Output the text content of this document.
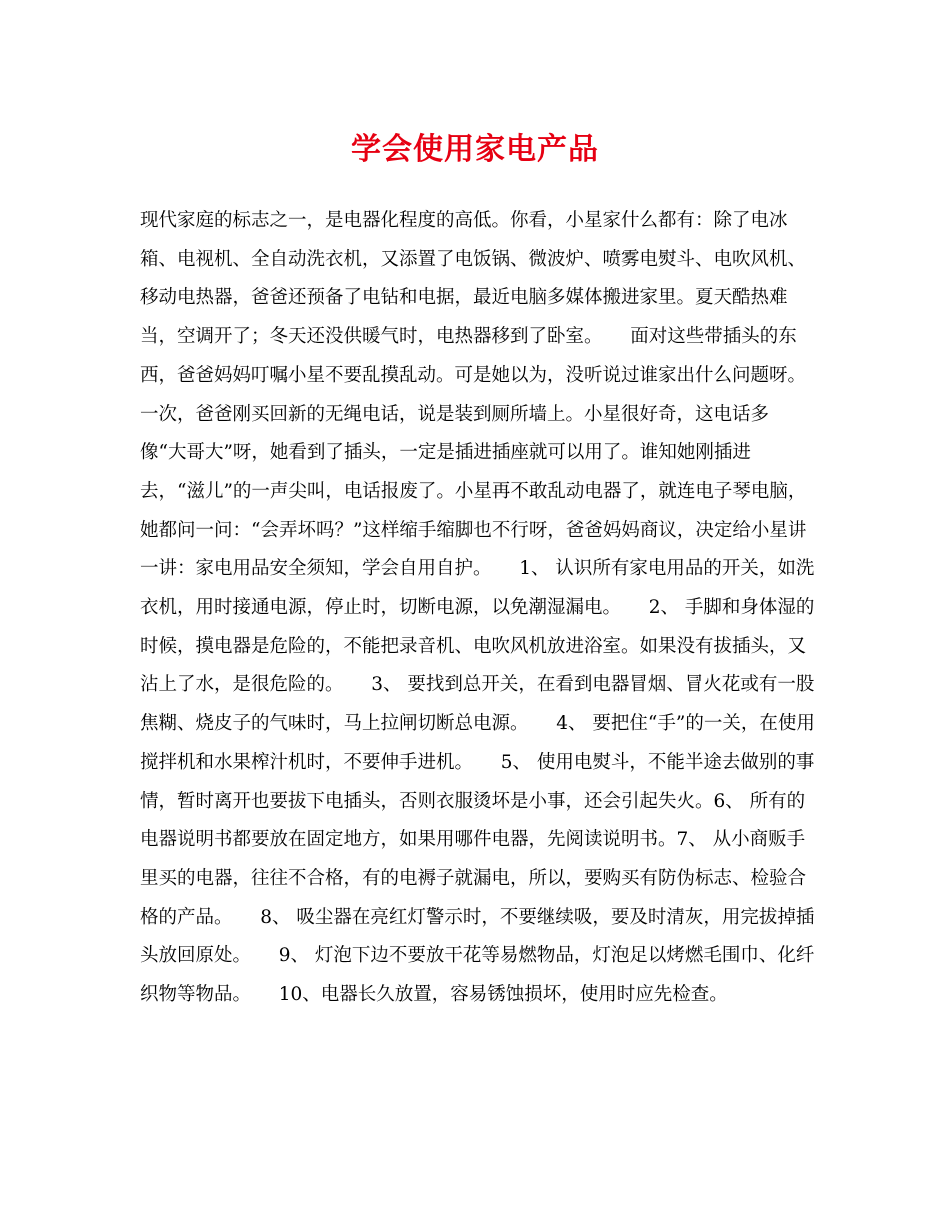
学会使用家电产品

现代家庭的标志之一，是电器化程度的高低。你看，小星家什么都有：除了电冰箱、电视机、全自动洗衣机，又添置了电饭锅、微波炉、喷雾电熨斗、电吹风机、移动电热器，爸爸还预备了电钻和电据，最近电脑多媒体搬进家里。夏天酷热难当，空调开了；冬天还没供暖气时，电热器移到了卧室。　　面对这些带插头的东西，爸爸妈妈叮嘱小星不要乱摸乱动。可是她以为，没听说过谁家出什么问题呀。一次，爸爸刚买回新的无绳电话，说是装到厕所墙上。小星很好奇，这电话多像“大哥大”呀，她看到了插头，一定是插进插座就可以用了。谁知她刚插进去，“滋儿”的一声尖叫，电话报废了。小星再不敢乱动电器了，就连电子琴电脑，她都问一问：“会弄坏吗？”这样缩手缩脚也不行呀，爸爸妈妈商议，决定给小星讲一讲：家电用品安全须知，学会自用自护。　　1、 认识所有家电用品的开关，如洗衣机，用时接通电源，停止时，切断电源，以免潮湿漏电。　　2、 手脚和身体湿的时候，摸电器是危险的，不能把录音机、电吹风机放进浴室。如果没有拔插头，又沾上了水，是很危险的。　　3、 要找到总开关，在看到电器冒烟、冒火花或有一股焦糊、烧皮子的气味时，马上拉闸切断总电源。　　4、 要把住“手”的一关，在使用搅拌机和水果榨汁机时，不要伸手进机。　　5、 使用电熨斗，不能半途去做别的事情，暂时离开也要拔下电插头，否则衣服烫坏是小事，还会引起失火。6、 所有的电器说明书都要放在固定地方，如果用哪件电器，先阅读说明书。7、 从小商贩手里买的电器，往往不合格，有的电褥子就漏电，所以，要购买有防伪标志、检验合格的产品。　　8、 吸尘器在亮红灯警示时，不要继续吸，要及时清灰，用完拔掉插头放回原处。　　9、 灯泡下边不要放干花等易燃物品，灯泡足以烤燃毛围巾、化纤织物等物品。　　10、电器长久放置，容易锈蚀损坏，使用时应先检查。
